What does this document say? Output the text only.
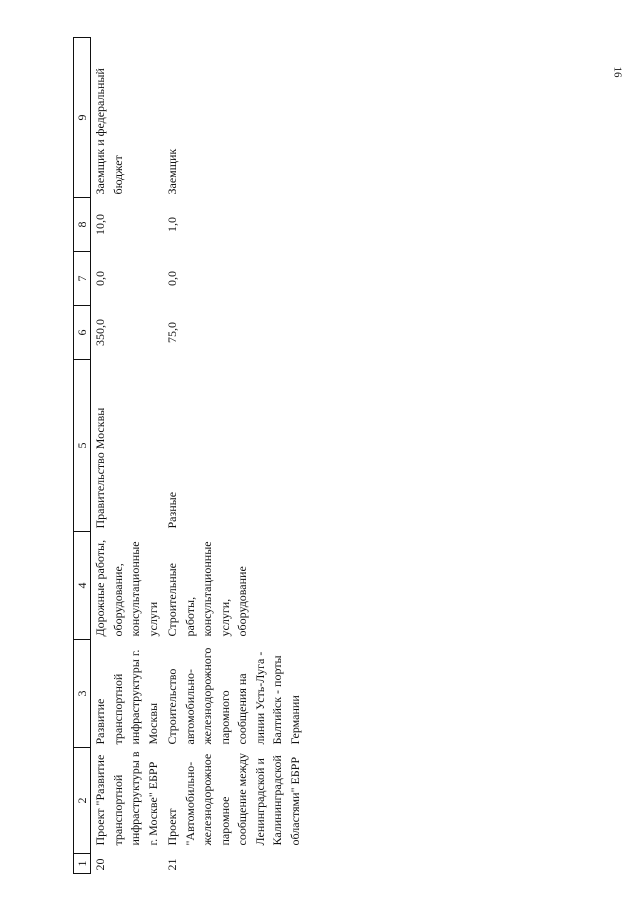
16
1	2	3	4	5	6	7	8	9
20	Проект "Развитие транспортной инфраструктуры в г. Москве" ЕБРР	Развитие транспортной инфраструктуры г. Москвы	Дорожные работы, оборудование, консультационные услуги	Правительство Москвы	350,0	0,0	10,0	Заемщик и федеральный бюджет
21	Проект "Автомобильно-железнодорожное паромное сообщение между Ленинградской и Калининградской областями" ЕБРР	Строительство автомобильно-железнодорожного паромного сообщения на линии Усть-Луга - Балтийск - порты Германии	Строительные работы, консультационные услуги, оборудование	Разные	75,0	0,0	1,0	Заемщик
